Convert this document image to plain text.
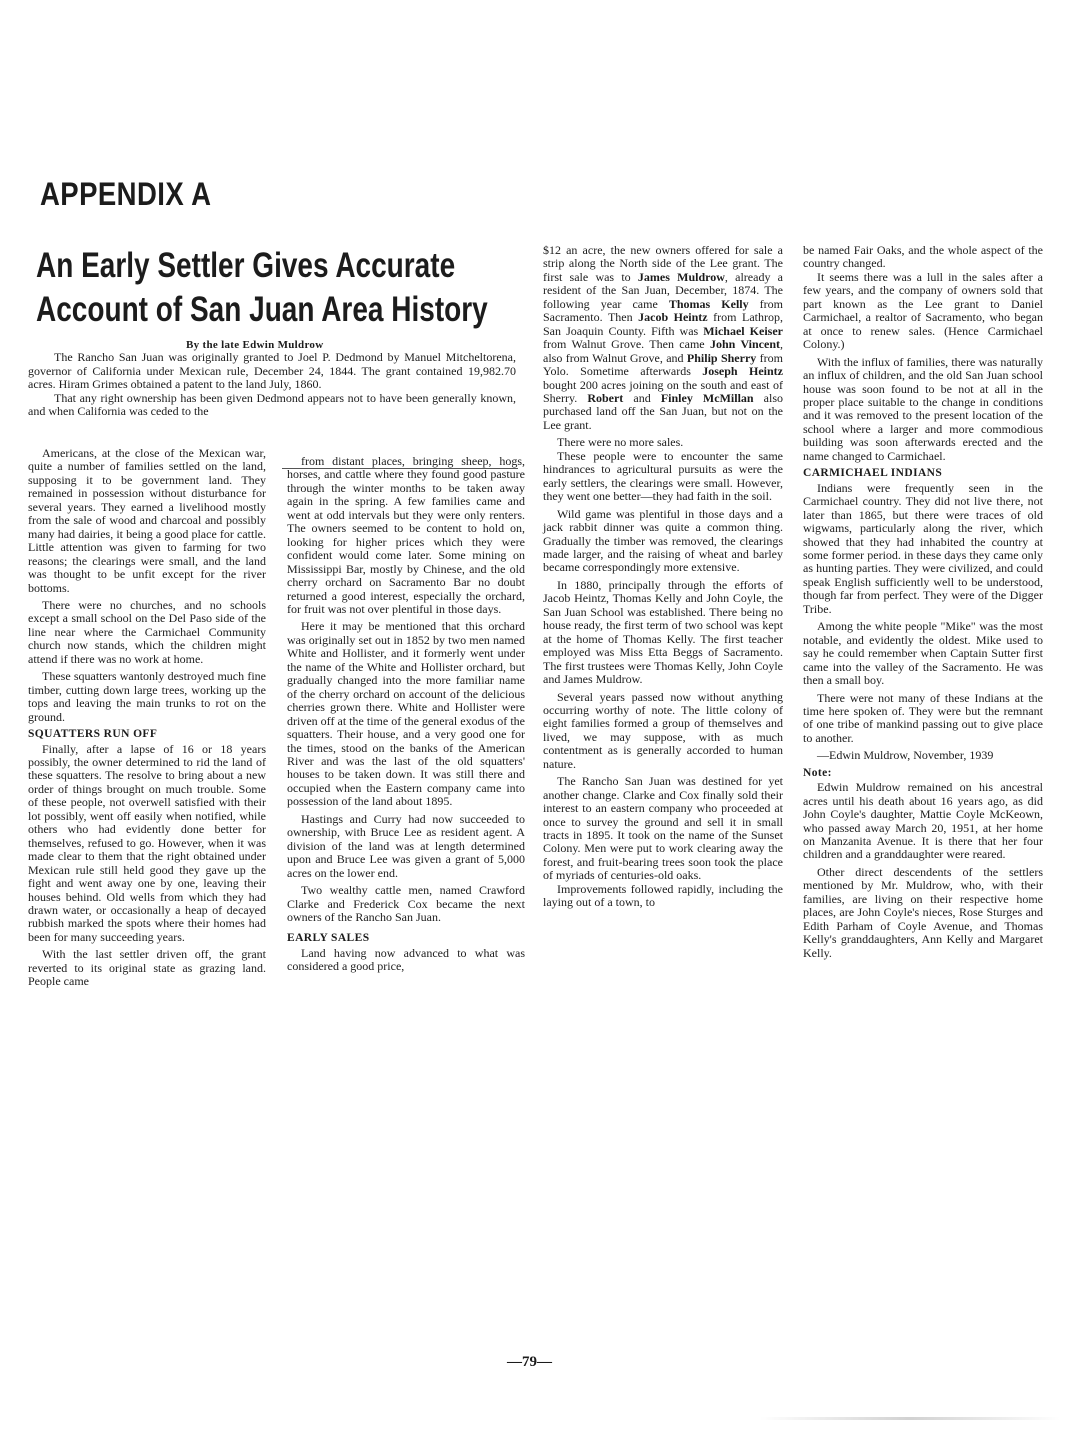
APPENDIX A
An Early Settler Gives Accurate
Account of San Juan Area History
By the late Edwin Muldrow

The Rancho San Juan was originally granted to Joel P. Dedmond by Manuel Mitcheltorena, governor of California under Mexican rule, December 24, 1844. The grant contained 19,982.70 acres. Hiram Grimes obtained a patent to the land July, 1860.

That any right ownership has been given Dedmond appears not to have been generally known, and when California was ceded to the

Americans, at the close of the Mexican war, quite a number of families settled on the land, supposing it to be government land. They remained in possession without disturbance for several years. They earned a livelihood mostly from the sale of wood and charcoal and possibly many had dairies, it being a good place for cattle. Little attention was given to farming for two reasons; the clearings were small, and the land was thought to be unfit except for the river bottoms.

There were no churches, and no schools except a small school on the Del Paso side of the line near where the Carmichael Community church now stands, which the children might attend if there was no work at home.

These squatters wantonly destroyed much fine timber, cutting down large trees, working up the tops and leaving the main trunks to rot on the ground.

SQUATTERS RUN OFF

Finally, after a lapse of 16 or 18 years possibly, the owner determined to rid the land of these squatters. The resolve to bring about a new order of things brought on much trouble. Some of these people, not overwell satisfied with their lot possibly, went off easily when notified, while others who had evidently done better for themselves, refused to go. However, when it was made clear to them that the right obtained under Mexican rule still held good they gave up the fight and went away one by one, leaving their houses behind. Old wells from which they had drawn water, or occasionally a heap of decayed rubbish marked the spots where their homes had been for many succeeding years.

With the last settler driven off, the grant reverted to its original state as grazing land. People came

from distant places, bringing sheep, hogs, horses, and cattle where they found good pasture through the winter months to be taken away again in the spring. A few families came and went at odd intervals but they were only renters. The owners seemed to be content to hold on, looking for higher prices which they were confident would come later. Some mining on Mississippi Bar, mostly by Chinese, and the old cherry orchard on Sacramento Bar no doubt returned a good interest, especially the orchard, for fruit was not over plentiful in those days.

Here it may be mentioned that this orchard was originally set out in 1852 by two men named White and Hollister, and it formerly went under the name of the White and Hollister orchard, but gradually changed into the more familiar name of the cherry orchard on account of the delicious cherries grown there. White and Hollister were driven off at the time of the general exodus of the squatters. Their house, and a very good one for the times, stood on the banks of the American River and was the last of the old squatters' houses to be taken down. It was still there and occupied when the Eastern company came into possession of the land about 1895.

Hastings and Curry had now succeeded to ownership, with Bruce Lee as resident agent. A division of the land was at length determined upon and Bruce Lee was given a grant of 5,000 acres on the lower end.

Two wealthy cattle men, named Crawford Clarke and Frederick Cox became the next owners of the Rancho San Juan.

EARLY SALES

Land having now advanced to what was considered a good price,

$12 an acre, the new owners offered for sale a strip along the North side of the Lee grant. The first sale was to James Muldrow, already a resident of the San Juan, December, 1874. The following year came Thomas Kelly from Sacramento. Then Jacob Heintz from Lathrop, San Joaquin County. Fifth was Michael Keiser from Walnut Grove. Then came John Vincent, also from Walnut Grove, and Philip Sherry from Yolo. Sometime afterwards Joseph Heintz bought 200 acres joining on the south and east of Sherry. Robert and Finley McMillan also purchased land off the San Juan, but not on the Lee grant.

There were no more sales.

These people were to encounter the same hindrances to agricultural pursuits as were the early settlers, the clearings were small. However, they went one better—they had faith in the soil.

Wild game was plentiful in those days and a jack rabbit dinner was quite a common thing. Gradually the timber was removed, the clearings made larger, and the raising of wheat and barley became correspondingly more extensive.

In 1880, principally through the efforts of Jacob Heintz, Thomas Kelly and John Coyle, the San Juan School was established. There being no house ready, the first term of two school was kept at the home of Thomas Kelly. The first teacher employed was Miss Etta Beggs of Sacramento. The first trustees were Thomas Kelly, John Coyle and James Muldrow.

Several years passed now without anything occurring worthy of note. The little colony of eight families formed a group of themselves and lived, we may suppose, with as much contentment as is generally accorded to human nature.

The Rancho San Juan was destined for yet another change. Clarke and Cox finally sold their interest to an eastern company who proceeded at once to survey the ground and sell it in small tracts in 1895. It took on the name of the Sunset Colony. Men were put to work clearing away the forest, and fruit-bearing trees soon took the place of myriads of centuries-old oaks.

Improvements followed rapidly, including the laying out of a town, to

be named Fair Oaks, and the whole aspect of the country changed.

It seems there was a lull in the sales after a few years, and the company of owners sold that part known as the Lee grant to Daniel Carmichael, a realtor of Sacramento, who began at once to renew sales. (Hence Carmichael Colony.)

With the influx of families, there was naturally an influx of children, and the old San Juan school house was soon found to be not at all in the proper place suitable to the change in conditions and it was removed to the present location of the school where a larger and more commodious building was soon afterwards erected and the name changed to Carmichael.

CARMICHAEL INDIANS

Indians were frequently seen in the Carmichael country. They did not live there, not later than 1865, but there were traces of old wigwams, particularly along the river, which showed that they had inhabited the country at some former period. in these days they came only as hunting parties. They were civilized, and could speak English sufficiently well to be understood, though far from perfect. They were of the Digger Tribe.

Among the white people "Mike" was the most notable, and evidently the oldest. Mike used to say he could remember when Captain Sutter first came into the valley of the Sacramento. He was then a small boy.

There were not many of these Indians at the time here spoken of. They were but the remnant of one tribe of mankind passing out to give place to another.

—Edwin Muldrow, November, 1939

Note:

Edwin Muldrow remained on his ancestral acres until his death about 16 years ago, as did John Coyle's daughter, Mattie Coyle McKeown, who passed away March 20, 1951, at her home on Manzanita Avenue. It is there that her four children and a granddaughter were reared.

Other direct descendents of the settlers mentioned by Mr. Muldrow, who, with their families, are living on their respective home places, are John Coyle's nieces, Rose Sturges and Edith Parham of Coyle Avenue, and Thomas Kelly's granddaughters, Ann Kelly and Margaret Kelly.

—79—
